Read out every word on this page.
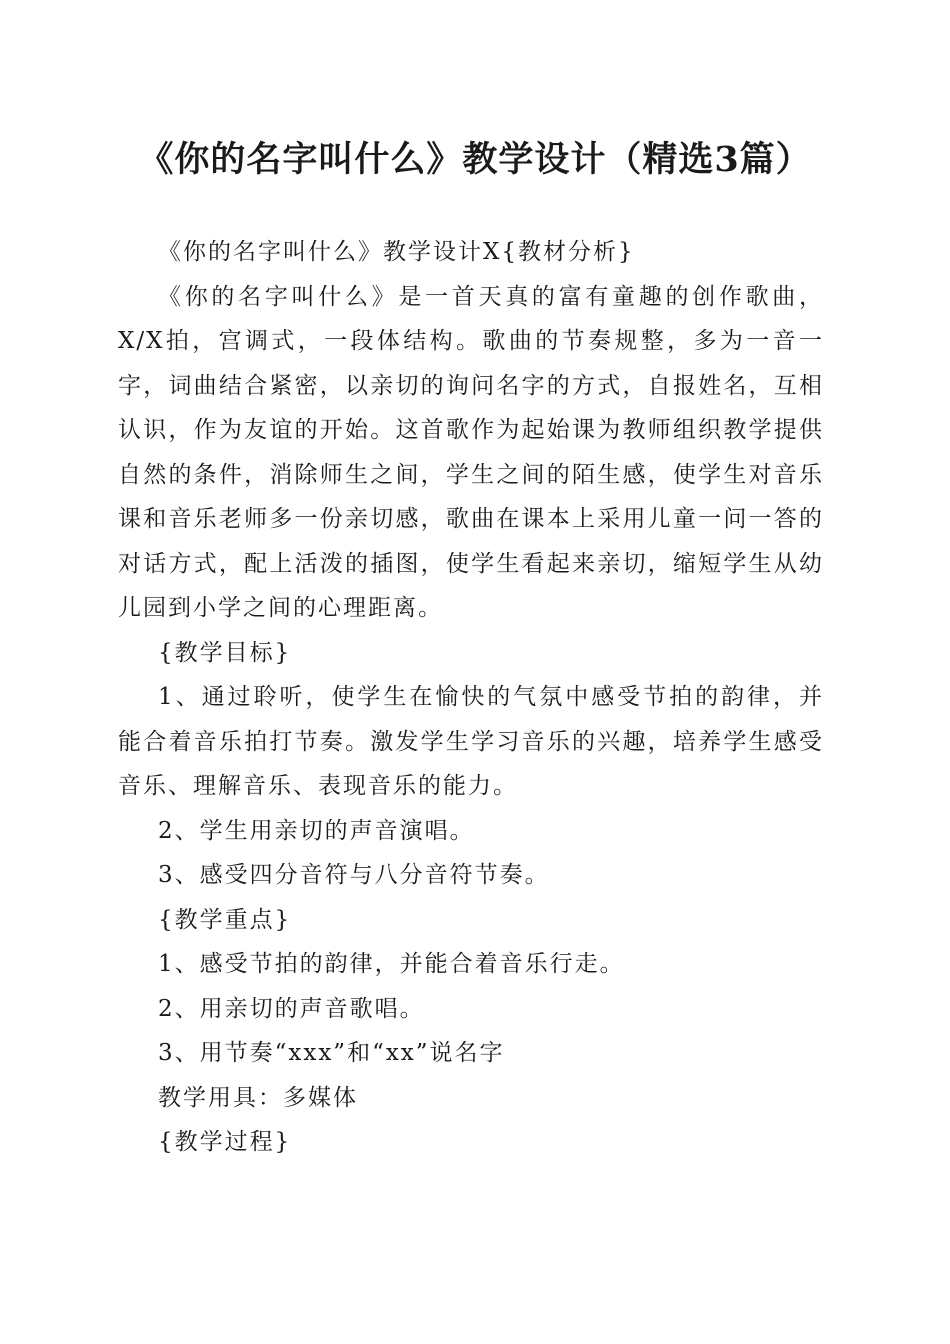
《你的名字叫什么》教学设计（精选3篇）

《你的名字叫什么》教学设计X{教材分析}

《你的名字叫什么》是一首天真的富有童趣的创作歌曲，X/X拍，宫调式，一段体结构。歌曲的节奏规整，多为一音一字，词曲结合紧密，以亲切的询问名字的方式，自报姓名，互相认识，作为友谊的开始。这首歌作为起始课为教师组织教学提供自然的条件，消除师生之间，学生之间的陌生感，使学生对音乐课和音乐老师多一份亲切感，歌曲在课本上采用儿童一问一答的对话方式，配上活泼的插图，使学生看起来亲切，缩短学生从幼儿园到小学之间的心理距离。

{教学目标}

1、通过聆听，使学生在愉快的气氛中感受节拍的韵律，并能合着音乐拍打节奏。激发学生学习音乐的兴趣，培养学生感受音乐、理解音乐、表现音乐的能力。

2、学生用亲切的声音演唱。

3、感受四分音符与八分音符节奏。

{教学重点}

1、感受节拍的韵律，并能合着音乐行走。

2、用亲切的声音歌唱。

3、用节奏“xxx”和“xx”说名字

教学用具：多媒体

{教学过程}
